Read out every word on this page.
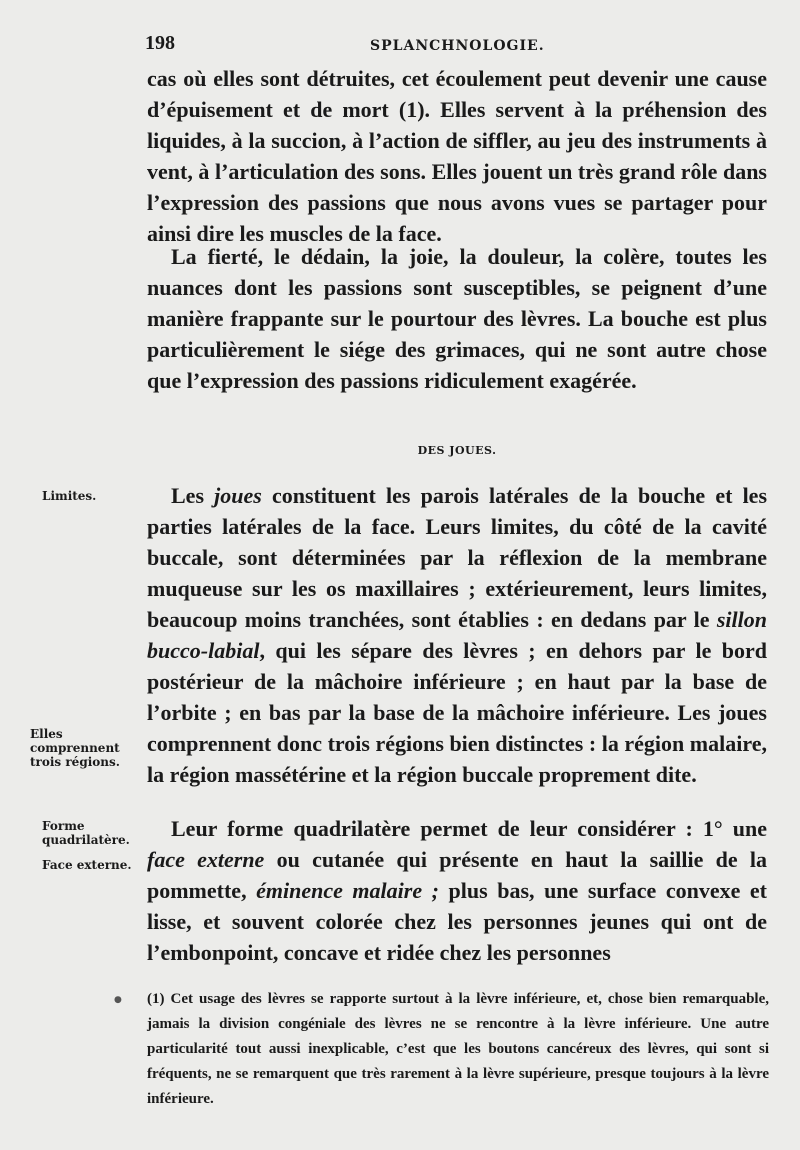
198	SPLANCHNOLOGIE.

cas où elles sont détruites, cet écoulement peut devenir une cause d’épuisement et de mort (1). Elles servent à la préhension des liquides, à la succion, à l’action de siffler, au jeu des instruments à vent, à l’articulation des sons. Elles jouent un très grand rôle dans l’expression des passions que nous avons vues se partager pour ainsi dire les muscles de la face.

La fierté, le dédain, la joie, la douleur, la colère, toutes les nuances dont les passions sont susceptibles, se peignent d’une manière frappante sur le pourtour des lèvres. La bouche est plus particulièrement le siége des grimaces, qui ne sont autre chose que l’expression des passions ridiculement exagérée.

DES JOUES.

Les joues constituent les parois latérales de la bouche et les parties latérales de la face. Leurs limites, du côté de la cavité buccale, sont déterminées par la réflexion de la membrane muqueuse sur les os maxillaires ; extérieurement, leurs limites, beaucoup moins tranchées, sont établies : en dedans par le sillon bucco-labial, qui les sépare des lèvres ; en dehors par le bord postérieur de la mâchoire inférieure ; en haut par la base de l’orbite ; en bas par la base de la mâchoire inférieure. Les joues comprennent donc trois régions bien distinctes : la région malaire, la région massétérine et la région buccale proprement dite.

Leur forme quadrilatère permet de leur considérer : 1° une face externe ou cutanée qui présente en haut la saillie de la pommette, éminence malaire ; plus bas, une surface convexe et lisse, et souvent colorée chez les personnes jeunes qui ont de l’embonpoint, concave et ridée chez les personnes

Limites.
Elles comprennent trois régions.
Forme quadrilatère.
Face externe.
● (1) Cet usage des lèvres se rapporte surtout à la lèvre inférieure, et, chose bien remarquable, jamais la division congéniale des lèvres ne se rencontre à la lèvre inférieure. Une autre particularité tout aussi inexplicable, c’est que les boutons cancéreux des lèvres, qui sont si fréquents, ne se remarquent que très rarement à la lèvre supérieure, presque toujours à la lèvre inférieure.
